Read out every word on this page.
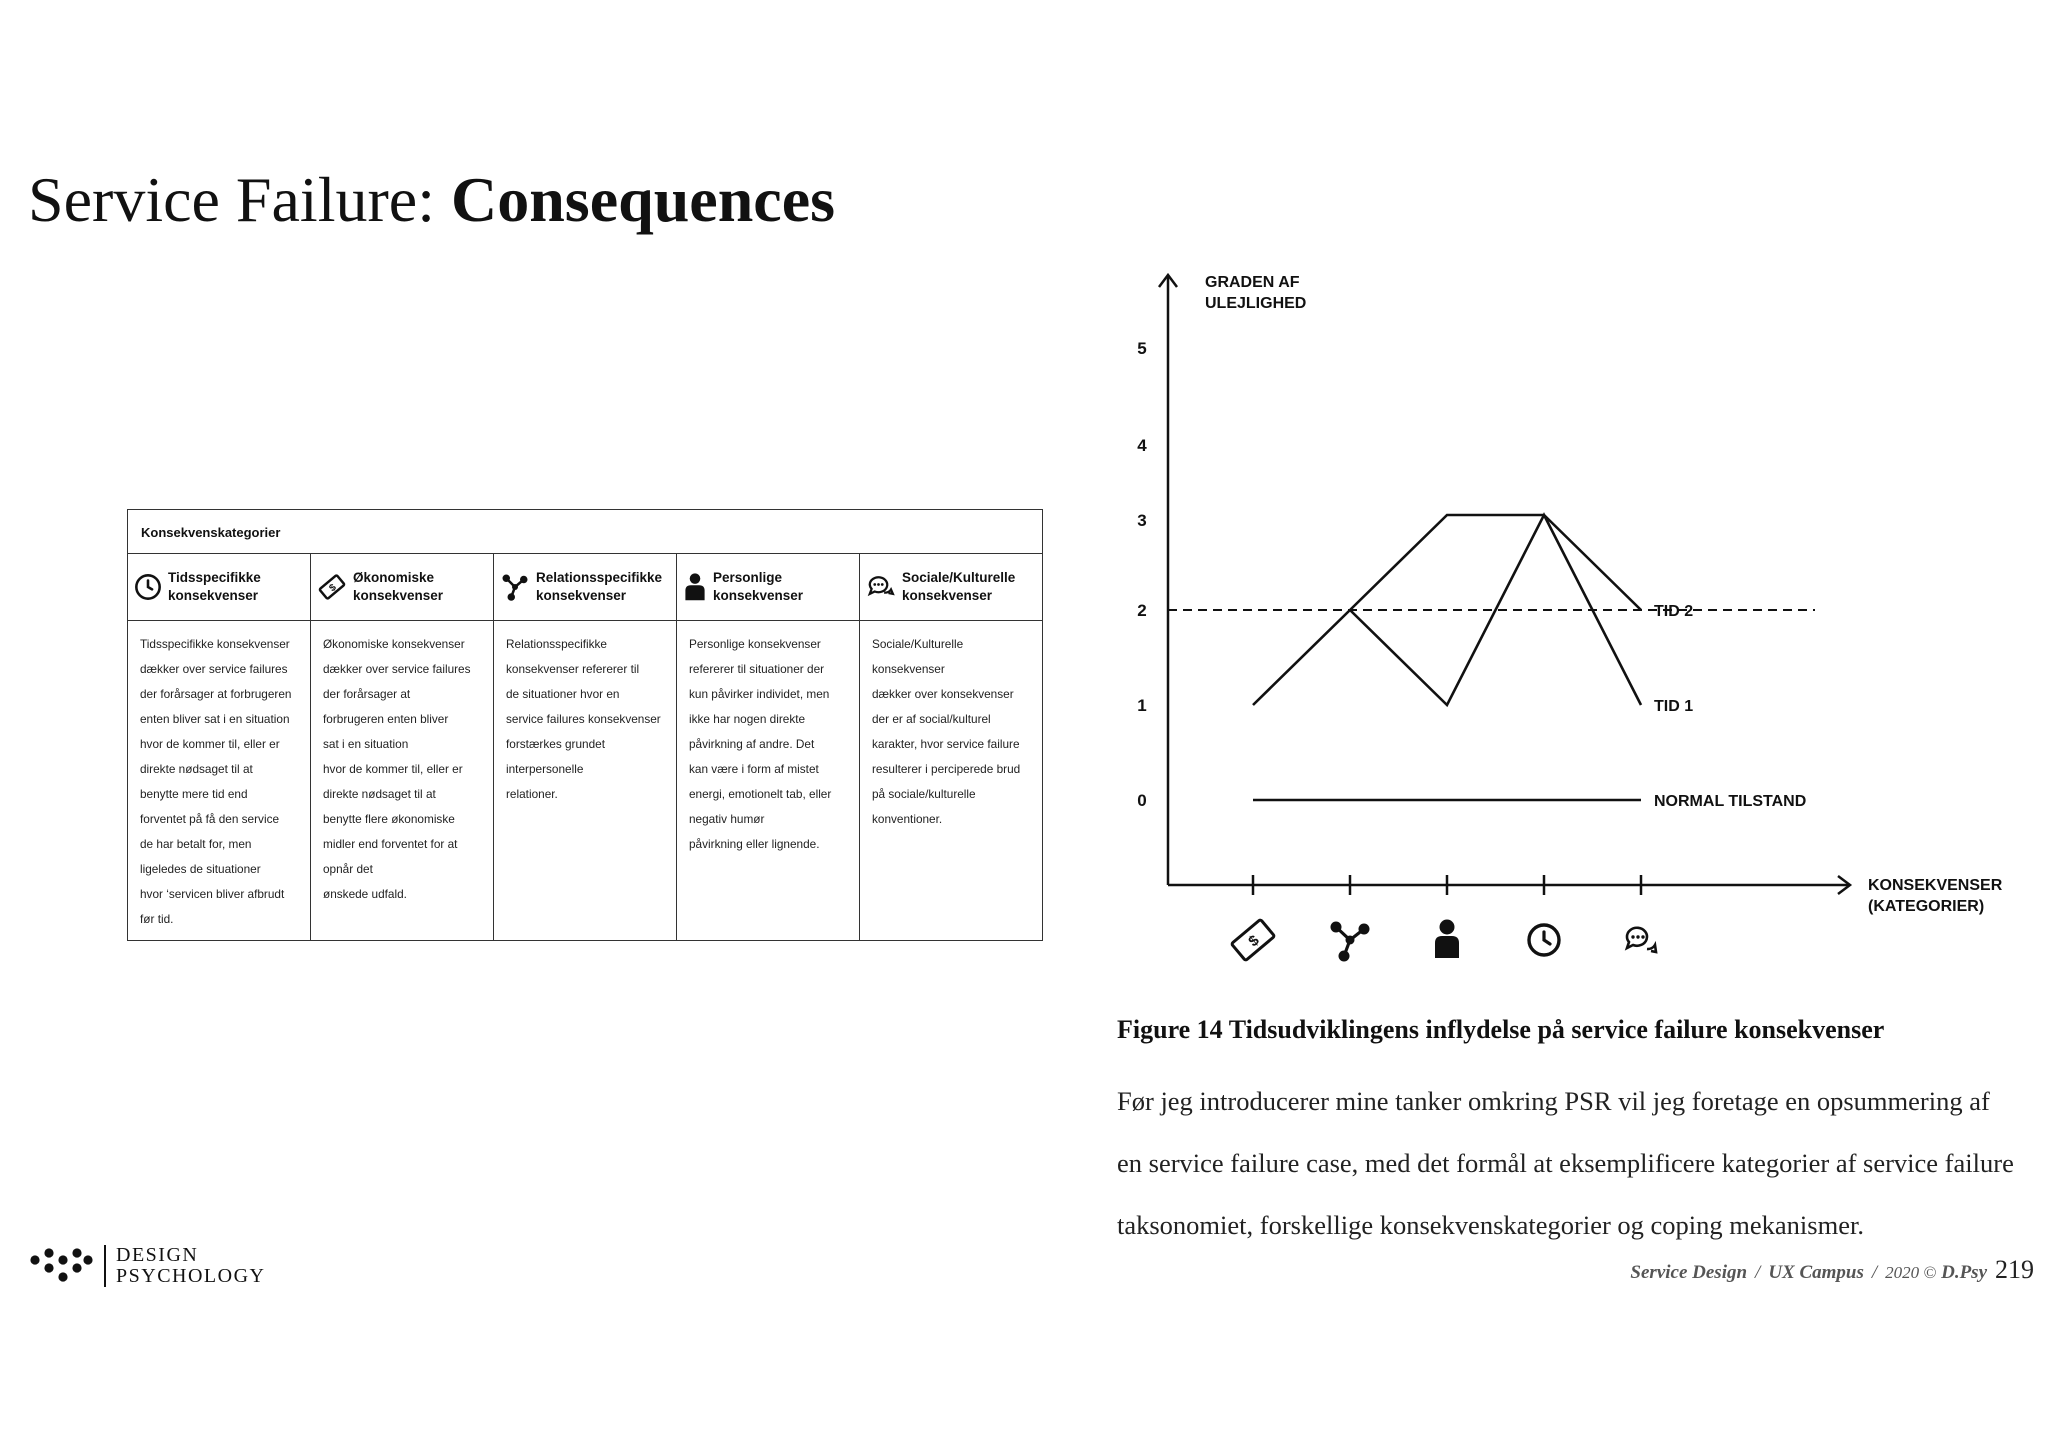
Service Failure: Consequences
Konsekvenskategorier
Tidsspecifikke
konsekvenser
Tidsspecifikke konsekvenser
dækker over service failures
der forårsager at forbrugeren
enten bliver sat i en situation
hvor de kommer til, eller er
direkte nødsaget til at
benytte mere tid end
forventet på få den service
de har betalt for, men
ligeledes de situationer
hvor ‘servicen bliver afbrudt
før tid.
$
Økonomiske
konsekvenser
Økonomiske konsekvenser
dækker over service failures
der forårsager at
forbrugeren enten bliver
sat i en situation
hvor de kommer til, eller er
direkte nødsaget til at
benytte flere økonomiske
midler end forventet for at
opnår det
ønskede udfald.
Relationsspecifikke
konsekvenser
Relationsspecifikke
konsekvenser refererer til
de situationer hvor en
service failures konsekvenser
forstærkes grundet
interpersonelle
relationer.
Personlige
konsekvenser
Personlige konsekvenser
refererer til situationer der
kun påvirker individet, men
ikke har nogen direkte
påvirkning af andre. Det
kan være i form af mistet
energi, emotionelt tab, eller
negativ humør
påvirkning eller lignende.
Sociale/Kulturelle
konsekvenser
Sociale/Kulturelle
konsekvenser
dækker over konsekvenser
der er af social/kulturel
karakter, hvor service failure
resulterer i perciperede brud
på sociale/kulturelle
konventioner.
0
1
2
3
4
5
GRADEN AF
ULEJLIGHED
KONSEKVENSER
(KATEGORIER)
TID 2
TID 1
NORMAL TILSTAND
$

Figure 14 Tidsudviklingens inflydelse på service failure konsekvenser

Før jeg introducerer mine tanker omkring PSR vil jeg foretage en opsummering af
en service failure case, med det formål at eksemplificere kategorier af service failure
taksonomiet, forskellige konsekvenskategorier og coping mekanismer.
DESIGN
PSYCHOLOGY	Service Design / UX Campus / 2020 © D.Psy 219
